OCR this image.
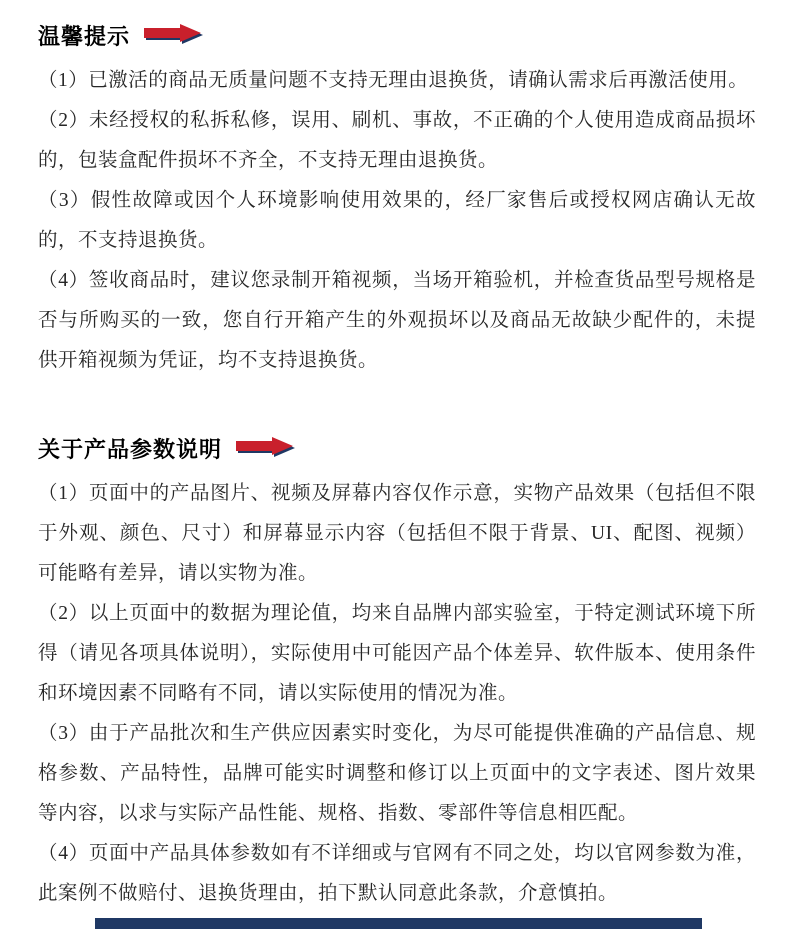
温馨提示

（1）已激活的商品无质量问题不支持无理由退换货，请确认需求后再激活使用。

（2）未经授权的私拆私修，误用、刷机、事故，不正确的个人使用造成商品损坏的，包装盒配件损坏不齐全，不支持无理由退换货。

（3）假性故障或因个人环境影响使用效果的，经厂家售后或授权网店确认无故的，不支持退换货。

（4）签收商品时，建议您录制开箱视频，当场开箱验机，并检查货品型号规格是否与所购买的一致，您自行开箱产生的外观损坏以及商品无故缺少配件的，未提供开箱视频为凭证，均不支持退换货。

关于产品参数说明

（1）页面中的产品图片、视频及屏幕内容仅作示意，实物产品效果（包括但不限于外观、颜色、尺寸）和屏幕显示内容（包括但不限于背景、UI、配图、视频）可能略有差异，请以实物为准。

（2）以上页面中的数据为理论值，均来自品牌内部实验室，于特定测试环境下所得（请见各项具体说明），实际使用中可能因产品个体差异、软件版本、使用条件和环境因素不同略有不同，请以实际使用的情况为准。

（3）由于产品批次和生产供应因素实时变化，为尽可能提供准确的产品信息、规格参数、产品特性，品牌可能实时调整和修订以上页面中的文字表述、图片效果等内容，以求与实际产品性能、规格、指数、零部件等信息相匹配。

（4）页面中产品具体参数如有不详细或与官网有不同之处，均以官网参数为准，此案例不做赔付、退换货理由，拍下默认同意此条款，介意慎拍。
